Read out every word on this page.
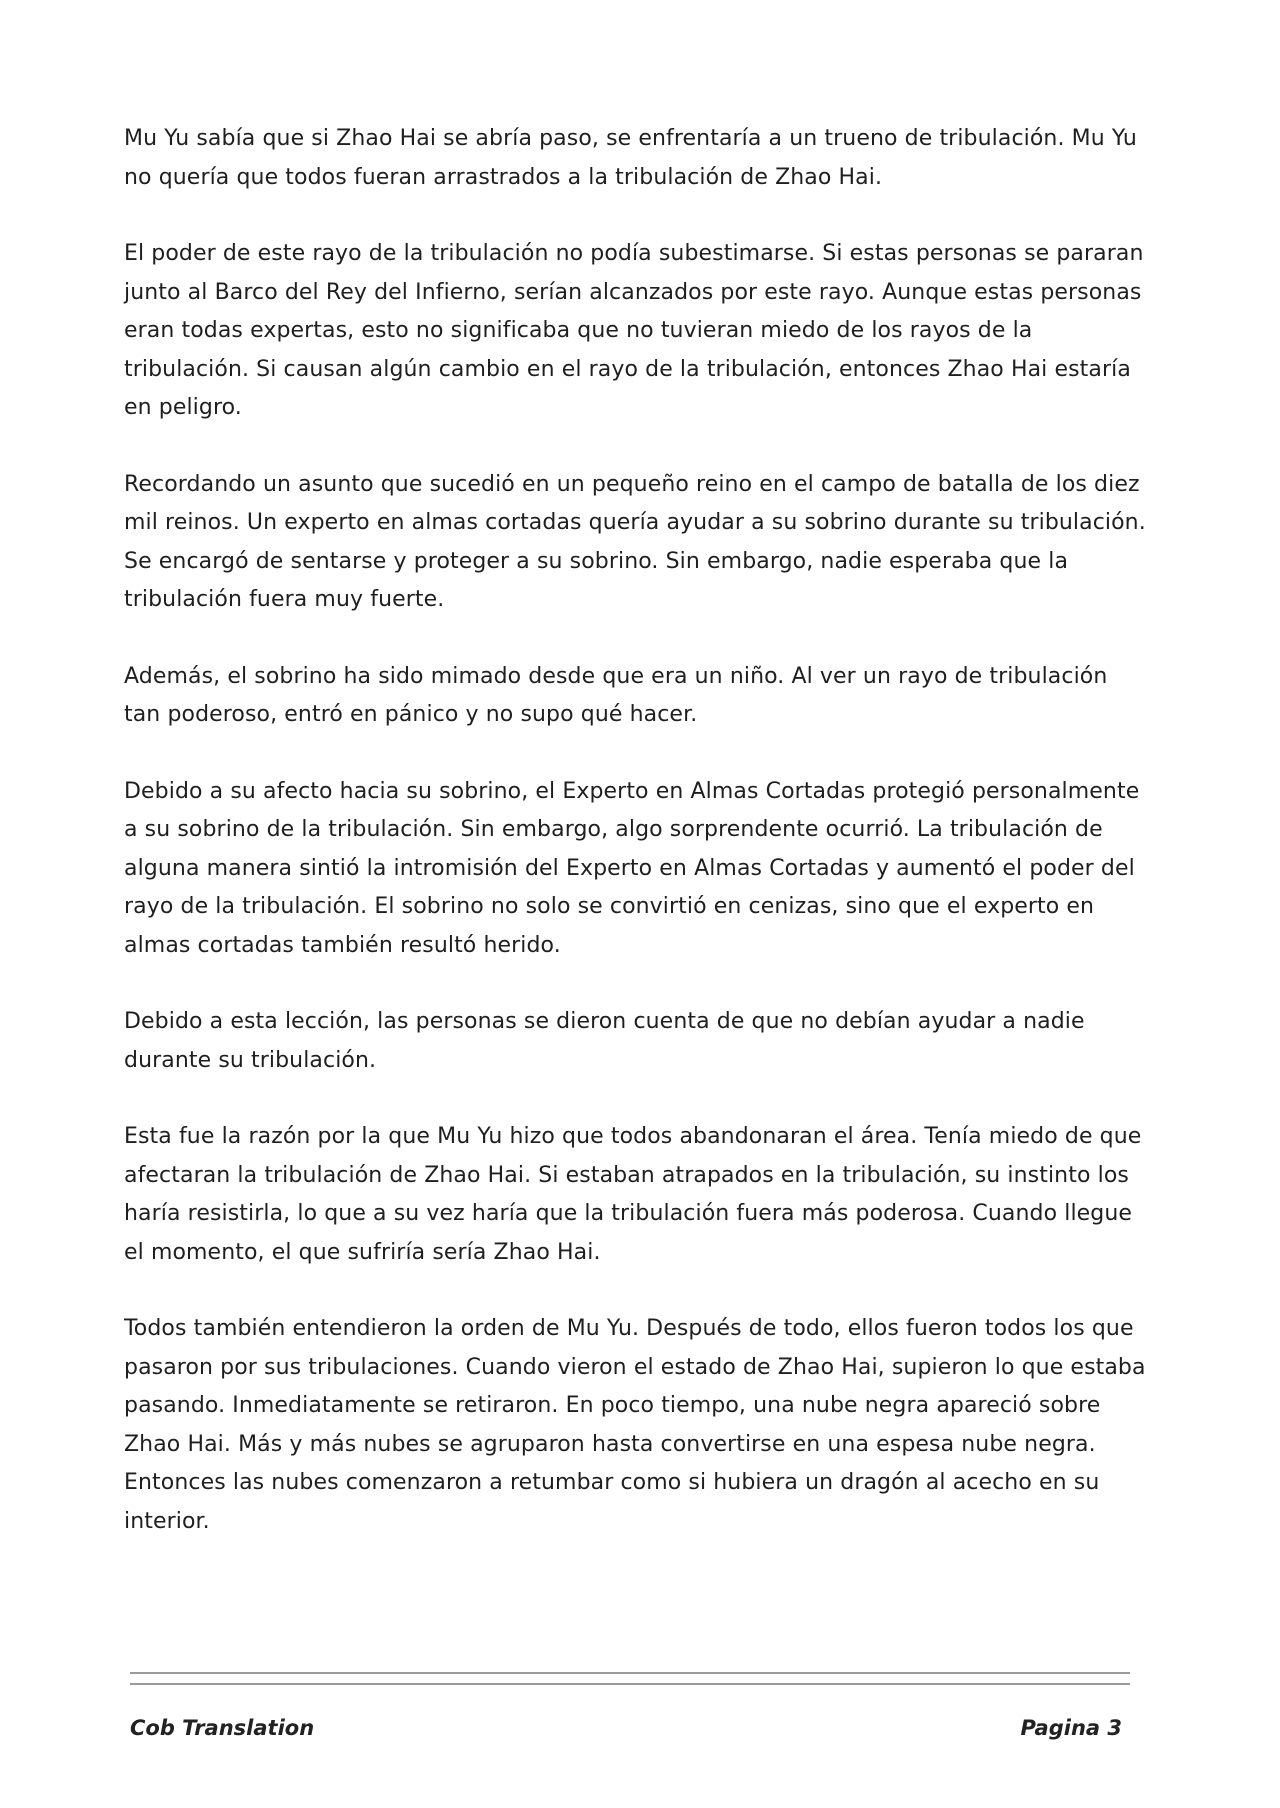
Mu Yu sabía que si Zhao Hai se abría paso, se enfrentaría a un trueno de tribulación. Mu Yu no quería que todos fueran arrastrados a la tribulación de Zhao Hai.

El poder de este rayo de la tribulación no podía subestimarse. Si estas personas se pararan junto al Barco del Rey del Infierno, serían alcanzados por este rayo. Aunque estas personas eran todas expertas, esto no significaba que no tuvieran miedo de los rayos de la tribulación. Si causan algún cambio en el rayo de la tribulación, entonces Zhao Hai estaría en peligro.

Recordando un asunto que sucedió en un pequeño reino en el campo de batalla de los diez mil reinos. Un experto en almas cortadas quería ayudar a su sobrino durante su tribulación. Se encargó de sentarse y proteger a su sobrino. Sin embargo, nadie esperaba que la tribulación fuera muy fuerte.

Además, el sobrino ha sido mimado desde que era un niño. Al ver un rayo de tribulación tan poderoso, entró en pánico y no supo qué hacer.

Debido a su afecto hacia su sobrino, el Experto en Almas Cortadas protegió personalmente a su sobrino de la tribulación. Sin embargo, algo sorprendente ocurrió. La tribulación de alguna manera sintió la intromisión del Experto en Almas Cortadas y aumentó el poder del rayo de la tribulación. El sobrino no solo se convirtió en cenizas, sino que el experto en almas cortadas también resultó herido.

Debido a esta lección, las personas se dieron cuenta de que no debían ayudar a nadie durante su tribulación.

Esta fue la razón por la que Mu Yu hizo que todos abandonaran el área. Tenía miedo de que afectaran la tribulación de Zhao Hai. Si estaban atrapados en la tribulación, su instinto los haría resistirla, lo que a su vez haría que la tribulación fuera más poderosa. Cuando llegue el momento, el que sufriría sería Zhao Hai.

Todos también entendieron la orden de Mu Yu. Después de todo, ellos fueron todos los que pasaron por sus tribulaciones. Cuando vieron el estado de Zhao Hai, supieron lo que estaba pasando. Inmediatamente se retiraron. En poco tiempo, una nube negra apareció sobre Zhao Hai. Más y más nubes se agruparon hasta convertirse en una espesa nube negra. Entonces las nubes comenzaron a retumbar como si hubiera un dragón al acecho en su interior.

Cob Translation	Pagina 3
